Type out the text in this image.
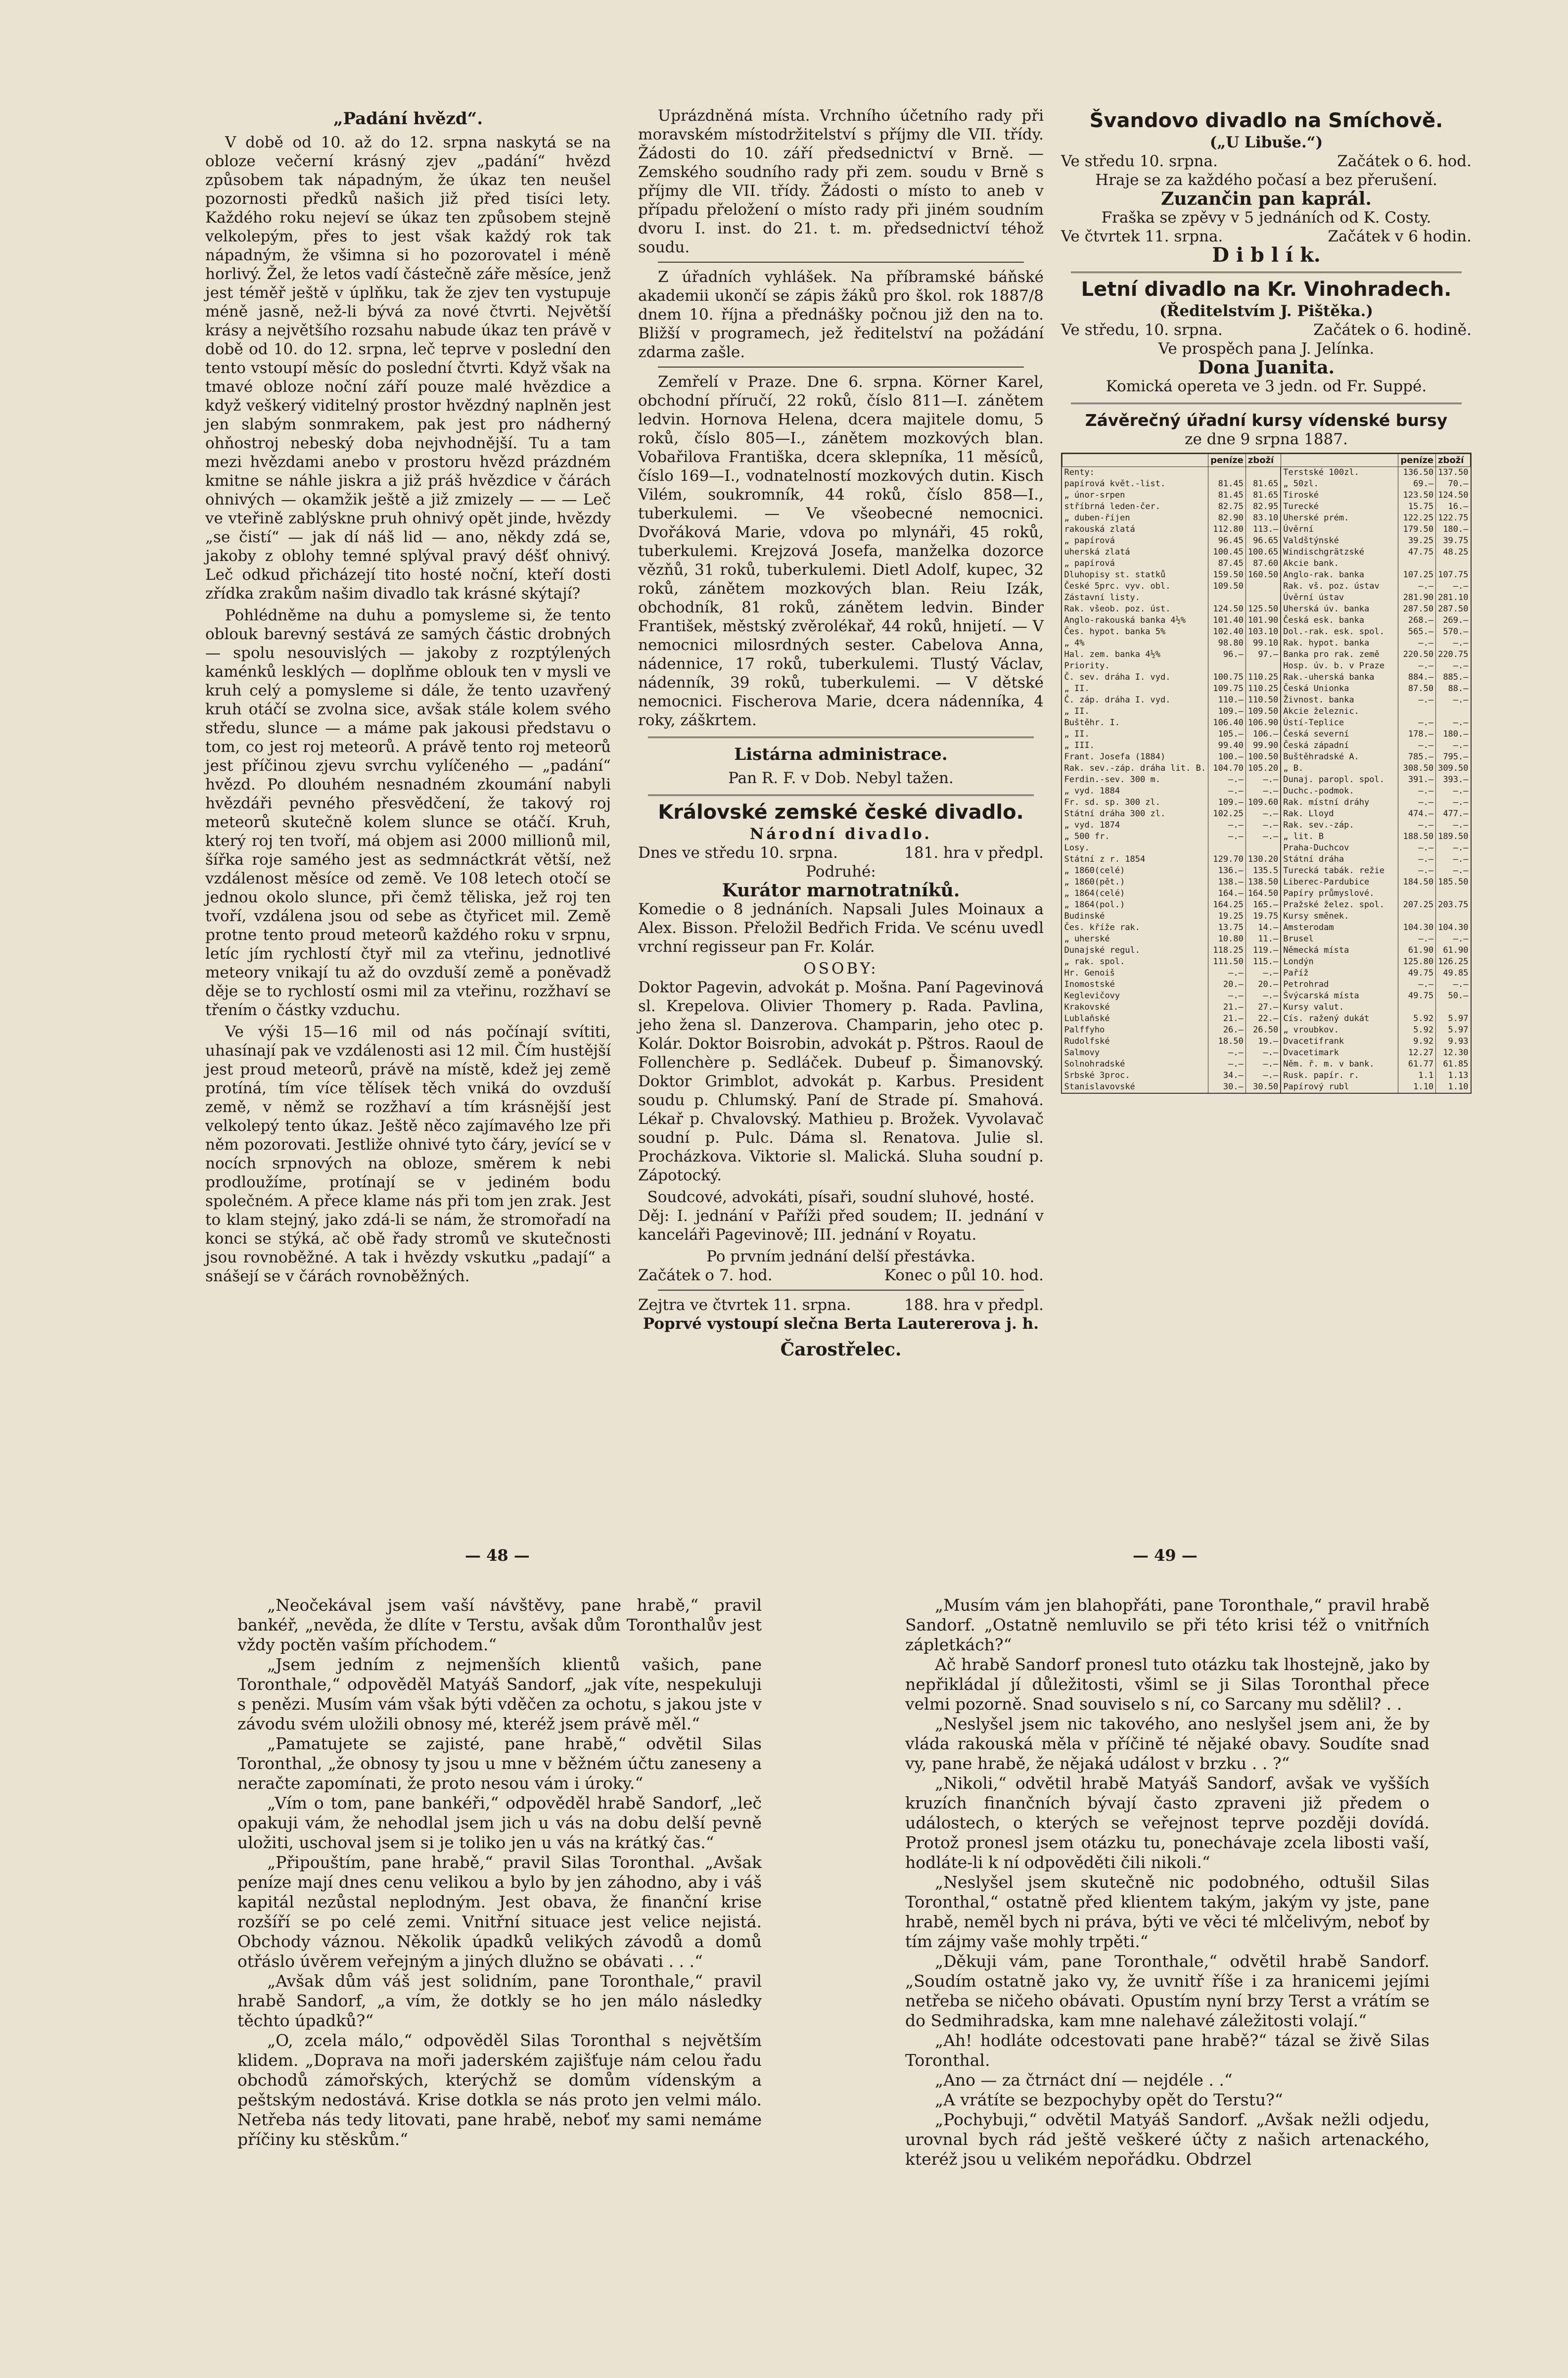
„Padání hvězd“.

V době od 10. až do 12. srpna naskytá se na obloze večerní krásný zjev „padání“ hvězd způsobem tak nápadným, že úkaz ten neušel pozornosti předků našich již před tisíci lety. Každého roku nejeví se úkaz ten způsobem stejně velkolepým, přes to jest však každý rok tak nápadným, že všimna si ho pozorovatel i méně horlivý. Žel, že letos vadí částečně záře měsíce, jenž jest téměř ještě v úplňku, tak že zjev ten vystupuje méně jasně, než-li bývá za nové čtvrti. Největší krásy a největšího rozsahu nabude úkaz ten právě v době od 10. do 12. srpna, leč teprve v poslední den tento vstoupí měsíc do poslední čtvrti. Když však na tmavé obloze noční září pouze malé hvězdice a když veškerý viditelný prostor hvězdný naplněn jest jen slabým sonmrakem, pak jest pro nádherný ohňostroj nebeský doba nejvhodnější. Tu a tam mezi hvězdami anebo v prostoru hvězd prázdném kmitne se náhle jiskra a již práš hvězdice v čárách ohnivých — okamžik ještě a již zmizely — — — Leč ve vteřině zablýskne pruh ohnivý opět jinde, hvězdy „se čistí“ — jak dí náš lid — ano, někdy zdá se, jakoby z oblohy temné splýval pravý déšť ohnivý. Leč odkud přicházejí tito hosté noční, kteří dosti zřídka zrakům našim divadlo tak krásné skýtají?

Pohlédněme na duhu a pomysleme si, že tento oblouk barevný sestává ze samých částic drobných — spolu nesouvislých — jakoby z rozptýlených kaménků lesklých — doplňme oblouk ten v mysli ve kruh celý a pomysleme si dále, že tento uzavřený kruh otáčí se zvolna sice, avšak stále kolem svého středu, slunce — a máme pak jakousi představu o tom, co jest roj meteorů. A právě tento roj meteorů jest příčinou zjevu svrchu vylíčeného — „padání“ hvězd. Po dlouhém nesnadném zkoumání nabyli hvězdáři pevného přesvědčení, že takový roj meteorů skutečně kolem slunce se otáčí. Kruh, který roj ten tvoří, má objem asi 2000 millionů mil, šířka roje samého jest as sedmnáctkrát větší, než vzdálenost měsíce od země. Ve 108 letech otočí se jednou okolo slunce, při čemž těliska, jež roj ten tvoří, vzdálena jsou od sebe as čtyřicet mil. Země protne tento proud meteorů každého roku v srpnu, letíc jím rychlostí čtyř mil za vteřinu, jednotlivé meteory vnikají tu až do ovzduší země a poněvadž děje se to rychlostí osmi mil za vteřinu, rozžhaví se třením o částky vzduchu.

Ve výši 15—16 mil od nás počínají svítiti, uhasínají pak ve vzdálenosti asi 12 mil. Čím hustější jest proud meteorů, právě na místě, kdež jej země protíná, tím více tělísek těch vniká do ovzduší země, v němž se rozžhaví a tím krásnější jest velkolepý tento úkaz. Ještě něco zajímavého lze při něm pozorovati. Jestliže ohnivé tyto čáry, jevící se v nocích srpnových na obloze, směrem k nebi prodloužíme, protínají se v jediném bodu společném. A přece klame nás při tom jen zrak. Jest to klam stejný, jako zdá-li se nám, že stromořadí na konci se stýká, ač obě řady stromů ve skutečnosti jsou rovnoběžné. A tak i hvězdy vskutku „padají“ a snášejí se v čárách rovnoběžných.

Uprázdněná místa. Vrchního účetního rady při moravském místodržitelství s příjmy dle VII. třídy. Žádosti do 10. září předsednictví v Brně. — Zemského soudního rady při zem. soudu v Brně s příjmy dle VII. třídy. Žádosti o místo to aneb v případu přeložení o místo rady při jiném soudním dvoru I. inst. do 21. t. m. předsednictví téhož soudu.

Z úřadních vyhlášek. Na příbramské báňské akademii ukončí se zápis žáků pro škol. rok 1887/8 dnem 10. října a přednášky počnou již den na to. Bližší v programech, jež ředitelství na požádání zdarma zašle.

Zemřelí v Praze. Dne 6. srpna. Körner Karel, obchodní příručí, 22 roků, číslo 811—I. zánětem ledvin. Hornova Helena, dcera majitele domu, 5 roků, číslo 805—I., zánětem mozkových blan. Vobařilova Františka, dcera sklepníka, 11 měsíců, číslo 169—I., vodnatelností mozkových dutin. Kisch Vilém, soukromník, 44 roků, číslo 858—I., tuberkulemi. — Ve všeobecné nemocnici. Dvořáková Marie, vdova po mlynáři, 45 roků, tuberkulemi. Krejzová Josefa, manželka dozorce vězňů, 31 roků, tuberkulemi. Dietl Adolf, kupec, 32 roků, zánětem mozkových blan. Reiu Izák, obchodník, 81 roků, zánětem ledvin. Binder František, městský zvěrolékař, 44 roků, hnijetí. — V nemocnici milosrdných sester. Cabelova Anna, nádennice, 17 roků, tuberkulemi. Tlustý Václav, nádenník, 39 roků, tuberkulemi. — V dětské nemocnici. Fischerova Marie, dcera nádenníka, 4 roky, záškrtem.

Listárna administrace.
Pan R. F. v Dob. Nebyl tažen.
Královské zemské české divadlo.
Národní divadlo.
Dnes ve středu 10. srpna.	181. hra v předpl.
Podruhé:
Kurátor marnotratníků.

Komedie o 8 jednáních. Napsali Jules Moinaux a Alex. Bisson. Přeložil Bedřich Frida. Ve scénu uvedl vrchní regisseur pan Fr. Kolár.

OSOBY:

Doktor Pagevin, advokát p. Mošna. Paní Pagevinová sl. Krepelova. Olivier Thomery p. Rada. Pavlina, jeho žena sl. Danzerova. Champarin, jeho otec p. Kolár. Doktor Boisrobin, advokát p. Pštros. Raoul de Follenchère p. Sedláček. Dubeuf p. Šimanovský. Doktor Grimblot, advokát p. Karbus. President soudu p. Chlumský. Paní de Strade pí. Smahová. Lékař p. Chvalovský. Mathieu p. Brožek. Vyvolavač soudní p. Pulc. Dáma sl. Renatova. Julie sl. Procházkova. Viktorie sl. Malická. Sluha soudní p. Zápotocký.

Soudcové, advokáti, písaři, soudní sluhové, hosté.

Děj: I. jednání v Paříži před soudem; II. jednání v kanceláři Pagevinově; III. jednání v Royatu.

Po prvním jednání delší přestávka.
Začátek o 7. hod.	Konec o půl 10. hod.
Zejtra ve čtvrtek 11. srpna.	188. hra v předpl.
Poprvé vystoupí slečna Berta Lautererova j. h.
Čarostřelec.
Švandovo divadlo na Smíchově.
(„U Libuše.“)
Ve středu 10. srpna.	Začátek o 6. hod.
Hraje se za každého počasí a bez přerušení.
Zuzančin pan kaprál.
Fraška se zpěvy v 5 jednáních od K. Costy.
Ve čtvrtek 11. srpna.	Začátek v 6 hodin.
D i b l í k.
Letní divadlo na Kr. Vinohradech.
(Ředitelstvím J. Pištěka.)
Ve středu, 10. srpna.	Začátek o 6. hodině.
Ve prospěch pana J. Jelínka.
Dona Juanita.
Komická opereta ve 3 jedn. od Fr. Suppé.
Závěrečný úřadní kursy vídenské bursy
ze dne 9 srpna 1887.
	peníze	zboží		peníze	zboží
Renty:			Terstské 100zl.	136.50	137.50
papírová květ.-list.	81.45	81.65	„ 50zl.	69.—	70.—
„ únor-srpen	81.45	81.65	Tiroské	123.50	124.50
stříbrná leden-čer.	82.75	82.95	Turecké	15.75	16.—
„ duben-říjen	82.90	83.10	Uherské prém.	122.25	122.75
rakouská zlatá	112.80	113.—	Úvěrní	179.50	180.—
„ papírová	96.45	96.65	Valdštýnské	39.25	39.75
uherská zlatá	100.45	100.65	Windischgrätzské	47.75	48.25
„ papírová	87.45	87.60	Akcie bank.		
Dluhopisy st. statků	159.50	160.50	Anglo-rak. banka	107.25	107.75
České 5prc. vyv. obl.	109.50		Rak. vš. poz. ústav	—.—	—.—
Zástavní listy.			Úvěrní ústav	281.90	281.10
Rak. všeob. poz. úst.	124.50	125.50	Uherská úv. banka	287.50	287.50
Anglo-rakouská banka 4½%	101.40	101.90	Česká esk. banka	268.—	269.—
Čes. hypot. banka 5%	102.40	103.10	Dol.-rak. esk. spol.	565.—	570.—
„ 4%	98.80	99.10	Rak. hypot. banka	—.—	—.—
Hal. zem. banka 4½%	96.—	97.—	Banka pro rak. země	220.50	220.75
Priority.			Hosp. úv. b. v Praze	—.—	—.—
Č. sev. dráha I. vyd.	100.75	110.25	Rak.-uherská banka	884.—	885.—
„ II.	109.75	110.25	Česká Unionka	87.50	88.—
Č. záp. dráha I. vyd.	110.—	110.50	Živnost. banka	—.—	—.—
„ II.	109.—	109.50	Akcie železnic.		
Buštěhr. I.	106.40	106.90	Ústí-Teplice	—.—	—.—
„ II.	105.—	106.—	Česká severní	178.—	180.—
„ III.	99.40	99.90	Česká západní	—.—	—.—
Frant. Josefa (1884)	100.—	100.50	Buštěhradské A.	785.—	795.—
Rak. sev.-záp. dráha lit. B.	104.70	105.20	„ B.	308.50	309.50
Ferdin.-sev. 300 m.	—.—	—.—	Dunaj. paropl. spol.	391.—	393.—
„ vyd. 1884	—.—	—.—	Duchc.-podmok.	—.—	—.—
Fr. sd. sp. 300 zl.	109.—	109.60	Rak. místní dráhy	—.—	—.—
Státní dráha 300 zl.	102.25	—.—	Rak. Lloyd	474.—	477.—
„ vyd. 1874	—.—	—.—	Rak. sev.-záp.	—.—	—.—
„ 500 fr.	—.—	—.—	„ lit. B	188.50	189.50
Losy.			Praha-Duchcov	—.—	—.—
Státní z r. 1854	129.70	130.20	Státní dráha	—.—	—.—
„ 1860(celé)	136.—	135.5	Turecká tabák. režie	—.—	—.—
„ 1860(pět.)	138.—	138.50	Liberec-Pardubice	184.50	185.50
„ 1864(celé)	164.—	164.50	Papíry průmyslové.		
„ 1864(pol.)	164.25	165.—	Pražské želez. spol.	207.25	203.75
Budinské	19.25	19.75	Kursy směnek.		
Čes. kříže rak.	13.75	14.—	Amsterodam	104.30	104.30
„ uherské	10.80	11.—	Brusel	—.—	—.—
Dunajské regul.	118.25	119.—	Německá místa	61.90	61.90
„ rak. spol.	111.50	115.—	Londýn	125.80	126.25
Hr. Genoiš	—.—	—.—	Paříž	49.75	49.85
Inomostské	20.—	20.—	Petrohrad	—.—	—.—
Keglevičovy	—.—	—.—	Švýcarská místa	49.75	50.—
Krakovské	21.—	27.—	Kursy valut.		
Lublaňské	21.—	22.—	Cís. ražený dukát	5.92	5.97
Palffyho	26.—	26.50	„ vroubkov.	5.92	5.97
Rudolfské	18.50	19.—	Dvacetifrank	9.92	9.93
Salmovy	—.—	—.—	Dvacetimark	12.27	12.30
Solnohradské	—.—	—.—	Něm. ř. m. v bank.	61.77	61.85
Srbské 3proc.	34.—	—.—	Rusk. papír. r.	1.1	1.13
Stanislavovské	30.—	30.50	Papírový rubl	1.10	1.10
— 48 —	— 49 —

„Neočekával jsem vaší návštěvy, pane hrabě,“ pravil bankéř, „nevěda, že dlíte v Terstu, avšak dům Toronthalův jest vždy poctěn vaším příchodem.“

„Jsem jedním z nejmenších klientů vašich, pane Toronthale,“ odpověděl Matyáš Sandorf, „jak víte, nespekuluji s penězi. Musím vám však býti vděčen za ochotu, s jakou jste v závodu svém uložili obnosy mé, kteréž jsem právě měl.“

„Pamatujete se zajisté, pane hrabě,“ odvětil Silas Toronthal, „že obnosy ty jsou u mne v běžném účtu zaneseny a neračte zapomínati, že proto nesou vám i úroky.“

„Vím o tom, pane bankéři,“ odpověděl hrabě Sandorf, „leč opakuji vám, že nehodlal jsem jich u vás na dobu delší pevně uložiti, uschoval jsem si je toliko jen u vás na krátký čas.“

„Připouštím, pane hrabě,“ pravil Silas Toronthal. „Avšak peníze mají dnes cenu velikou a bylo by jen záhodno, aby i váš kapitál nezůstal neplodným. Jest obava, že finanční krise rozšíří se po celé zemi. Vnitřní situace jest velice nejistá. Obchody váznou. Několik úpadků velikých závodů a domů otřáslo úvěrem veřejným a jiných dlužno se obávati . . .“

„Avšak dům váš jest solidním, pane Toronthale,“ pravil hrabě Sandorf, „a vím, že dotkly se ho jen málo následky těchto úpadků?“

„O, zcela málo,“ odpověděl Silas Toronthal s největším klidem. „Doprava na moři jaderském zajišťuje nám celou řadu obchodů zámořských, kterýchž se domům vídenským a peštským nedostává. Krise dotkla se nás proto jen velmi málo. Netřeba nás tedy litovati, pane hrabě, neboť my sami nemáme příčiny ku stěskům.“

„Musím vám jen blahopřáti, pane Toronthale,“ pravil hrabě Sandorf. „Ostatně nemluvilo se při této krisi též o vnitřních zápletkách?“

Ač hrabě Sandorf pronesl tuto otázku tak lhostejně, jako by nepřikládal jí důležitosti, všiml se ji Silas Toronthal přece velmi pozorně. Snad souviselo s ní, co Sarcany mu sdělil? . .

„Neslyšel jsem nic takového, ano neslyšel jsem ani, že by vláda rakouská měla v příčině té nějaké obavy. Soudíte snad vy, pane hrabě, že nějaká událost v brzku . . ?“

„Nikoli,“ odvětil hrabě Matyáš Sandorf, avšak ve vyšších kruzích finančních bývají často zpraveni již předem o událostech, o kterých se veřejnost teprve později dovídá. Protož pronesl jsem otázku tu, ponechávaje zcela libosti vaší, hodláte-li k ní odpověděti čili nikoli.“

„Neslyšel jsem skutečně nic podobného, odtušil Silas Toronthal,“ ostatně před klientem takým, jakým vy jste, pane hrabě, neměl bych ni práva, býti ve věci té mlčelivým, neboť by tím zájmy vaše mohly trpěti.“

„Děkuji vám, pane Toronthale,“ odvětil hrabě Sandorf. „Soudím ostatně jako vy, že uvnitř říše i za hranicemi jejími netřeba se ničeho obávati. Opustím nyní brzy Terst a vrátím se do Sedmihradska, kam mne nalehavé záležitosti volají.“

„Ah! hodláte odcestovati pane hrabě?“ tázal se živě Silas Toronthal.

„Ano — za čtrnáct dní — nejdéle . .“

„A vrátíte se bezpochyby opět do Terstu?“

„Pochybuji,“ odvětil Matyáš Sandorf. „Avšak nežli odjedu, urovnal bych rád ještě veškeré účty z našich artenackého, kteréž jsou u velikém nepořádku. Obdrzel
